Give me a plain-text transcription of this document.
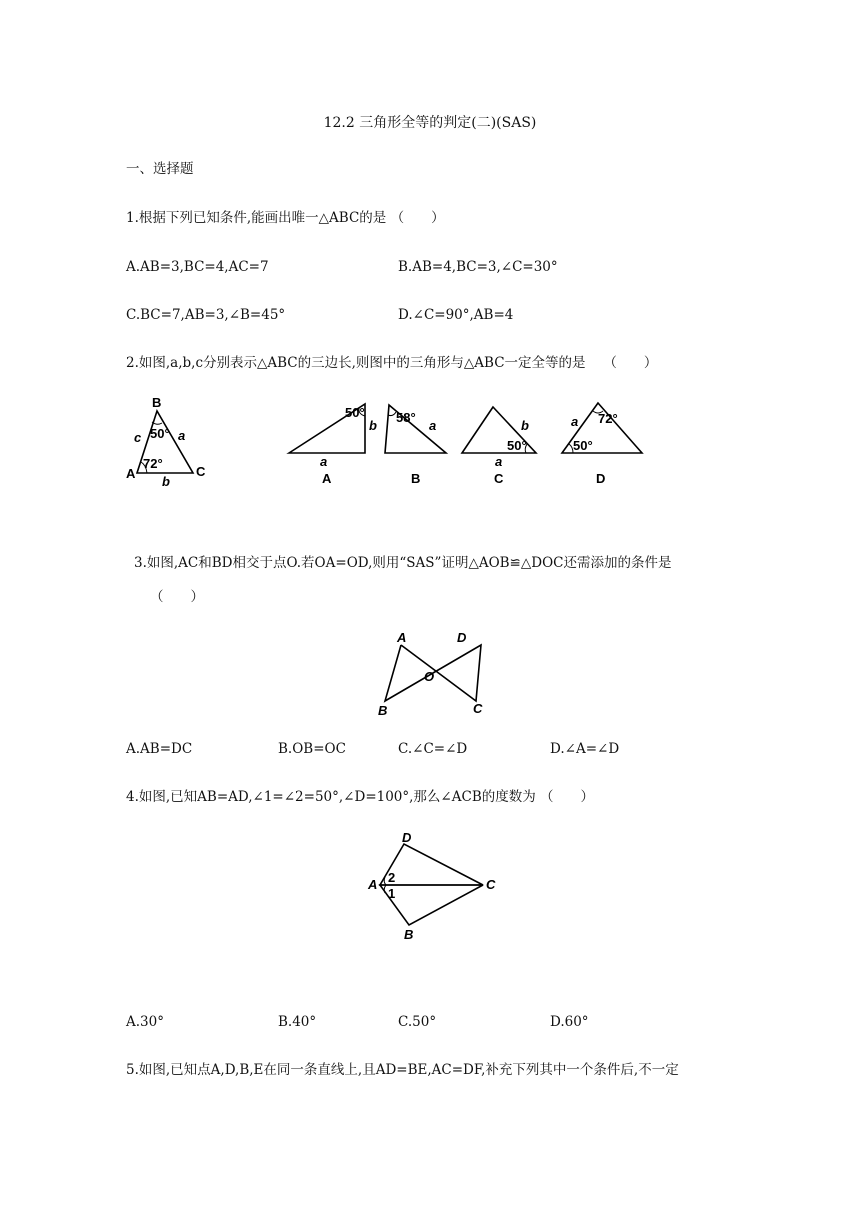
12.2 三角形全等的判定(二)(SAS)
一、选择题
1.根据下列已知条件,能画出唯一△ABC的是 （　　）
A.AB=3,BC=4,AC=7	B.AB=4,BC=3,∠C=30°
C.BC=7,AB=3,∠B=45°	D.∠C=90°,AB=4
2.如图,a,b,c分别表示△ABC的三边长,则图中的三角形与△ABC一定全等的是　 （　　）
B
A	C
a
b
c 50°
72°
50°
b
a
A
58°
a
B
b
50°
a
C
72°
a
50°
D
3.如图,AC和BD相交于点O.若OA=OD,则用“SAS”证明△AOB≌△DOC还需添加的条件是
（　　）
A	D
O
B	C
A.AB=DC	B.OB=OC	C.∠C=∠D	D.∠A=∠D
4.如图,已知AB=AD,∠1=∠2=50°,∠D=100°,那么∠ACB的度数为 （　　）
D
A	C
B
2
1
A.30°	B.40°	C.50°	D.60°
5.如图,已知点A,D,B,E在同一条直线上,且AD=BE,AC=DF,补充下列其中一个条件后,不一定
